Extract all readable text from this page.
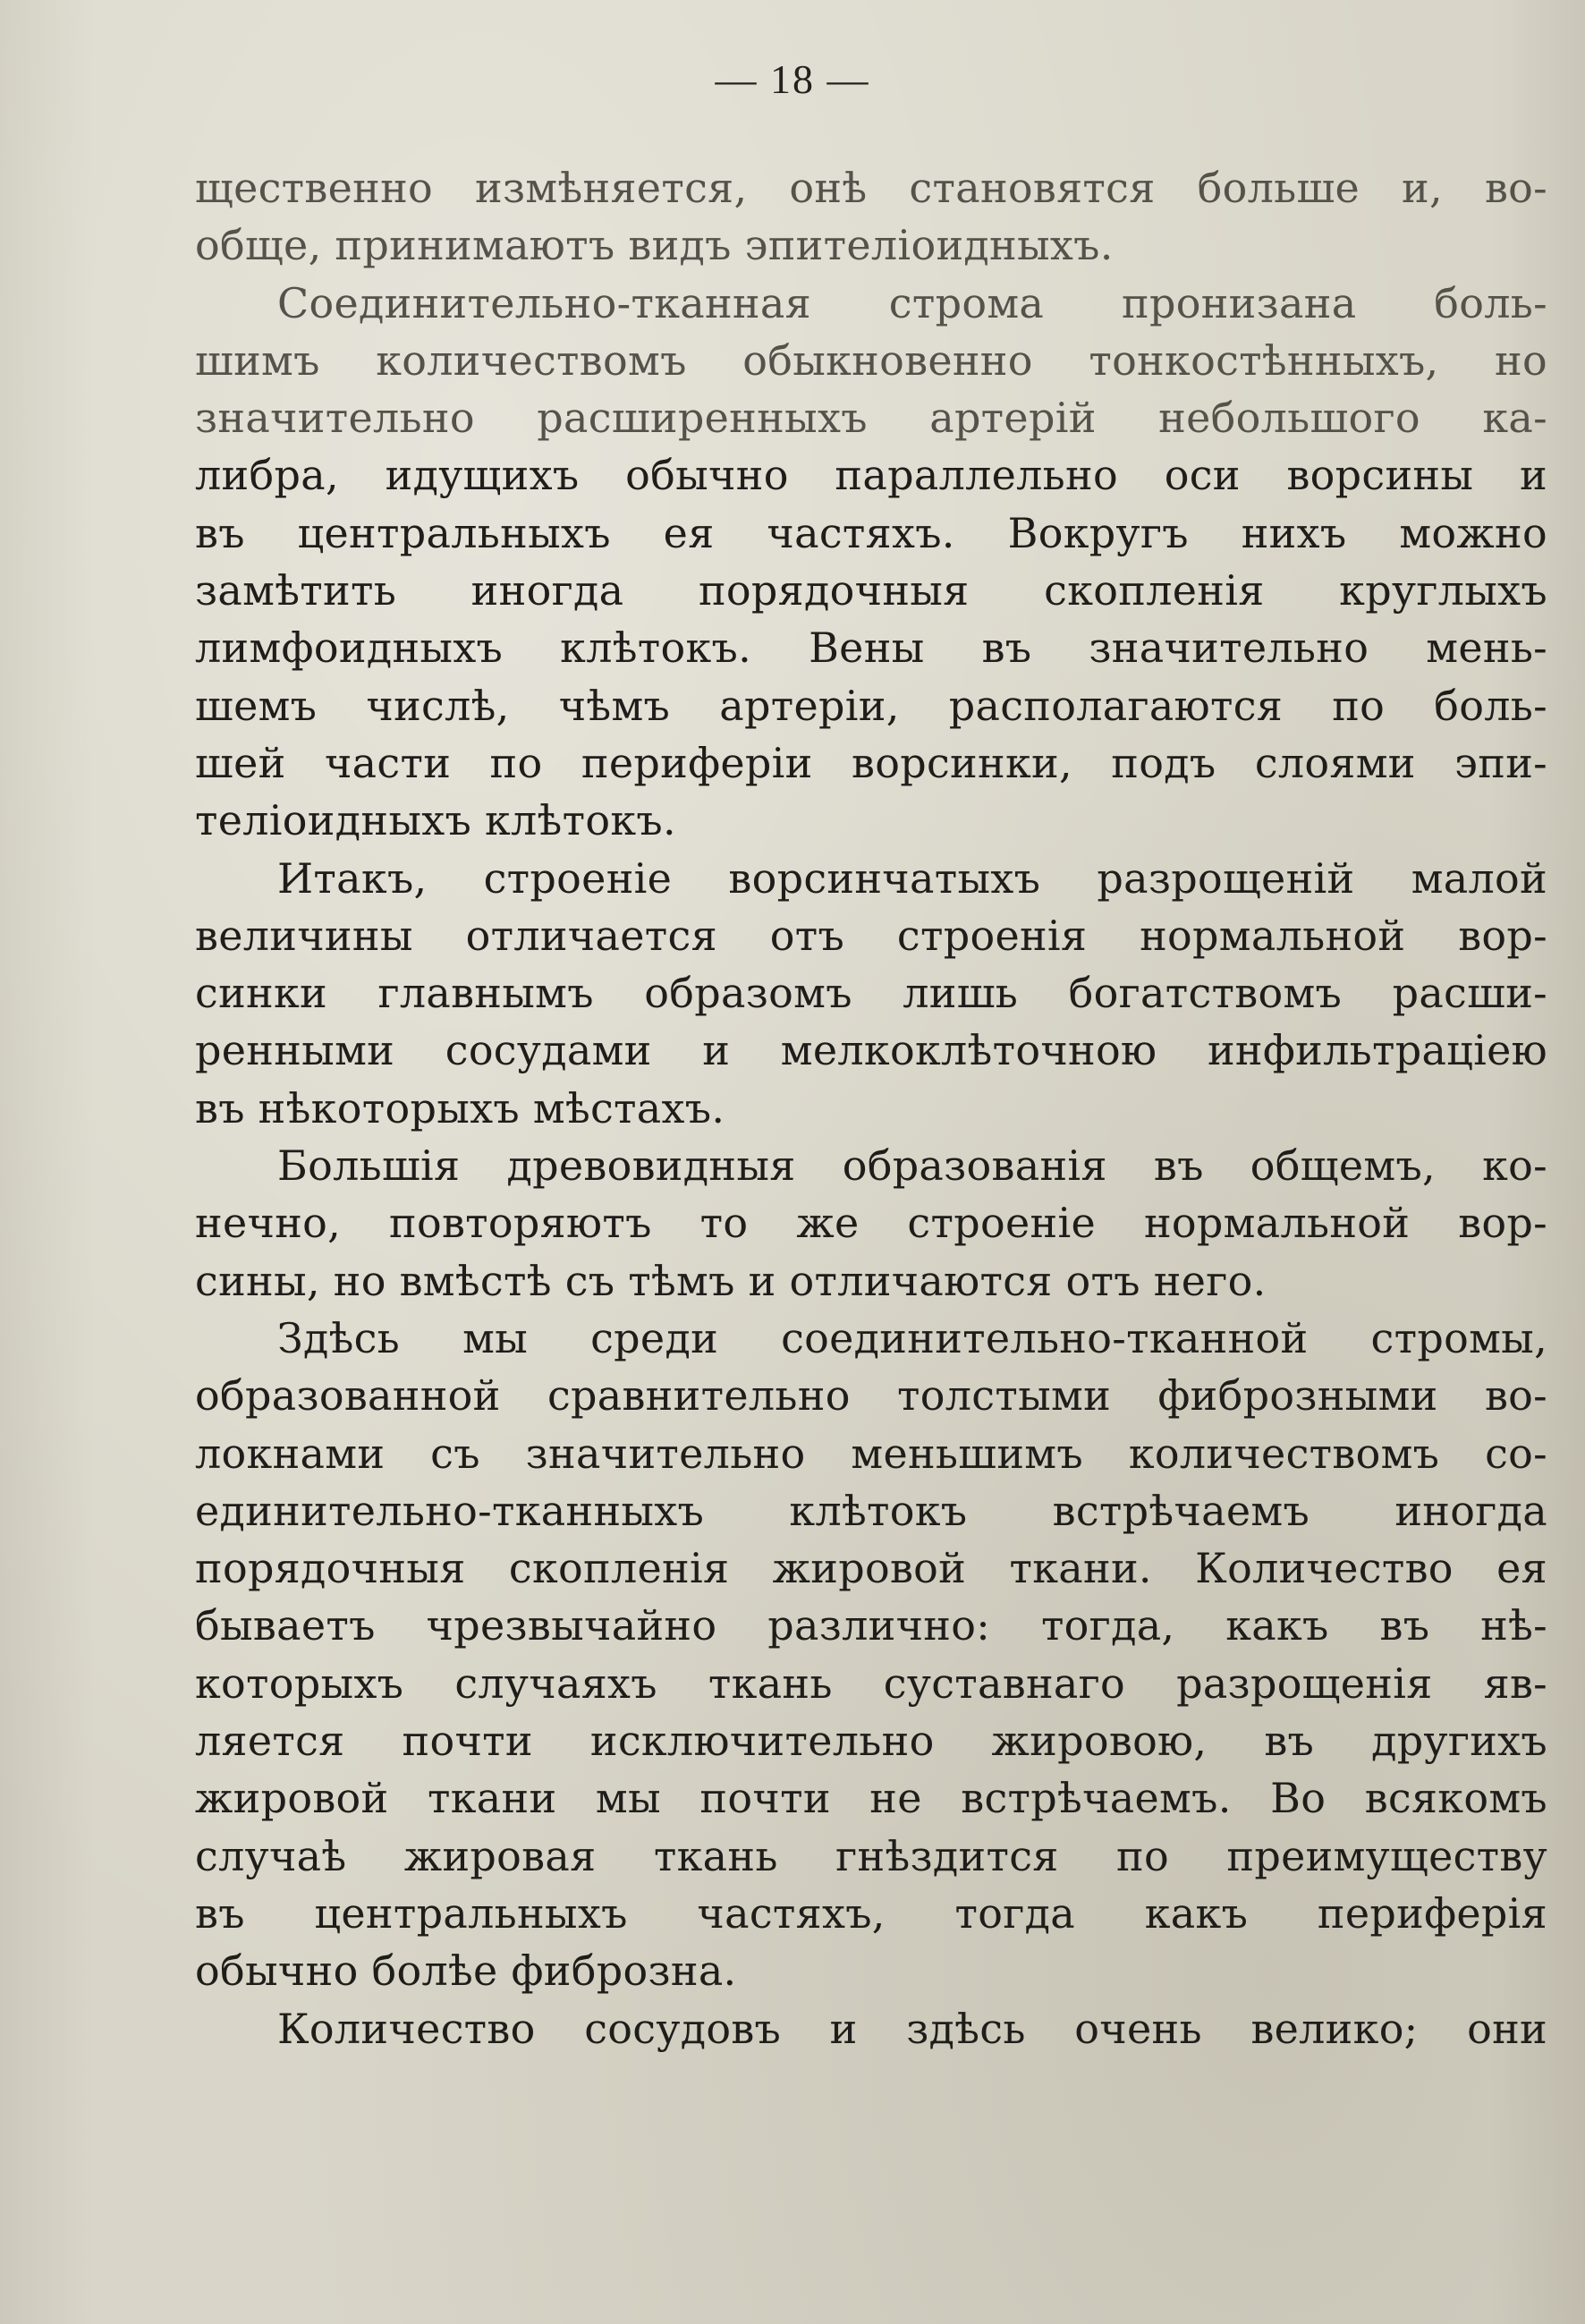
— 18 —
щественно измѣняется, онѣ становятся больше и, во-
обще, принимаютъ видъ эпителіоидныхъ.
Соединительно-тканная строма пронизана боль-
шимъ количествомъ обыкновенно тонкостѣнныхъ, но
значительно расширенныхъ артерій небольшого ка-
либра, идущихъ обычно параллельно оси ворсины и
въ центральныхъ ея частяхъ. Вокругъ нихъ можно
замѣтить иногда порядочныя скопленія круглыхъ
лимфоидныхъ клѣтокъ. Вены въ значительно мень-
шемъ числѣ, чѣмъ артеріи, располагаются по боль-
шей части по периферіи ворсинки, подъ слоями эпи-
теліоидныхъ клѣтокъ.
Итакъ, строеніе ворсинчатыхъ разрощеній малой
величины отличается отъ строенія нормальной вор-
синки главнымъ образомъ лишь богатствомъ расши-
ренными сосудами и мелкоклѣточною инфильтраціею
въ нѣкоторыхъ мѣстахъ.
Большія древовидныя образованія въ общемъ, ко-
нечно, повторяютъ то же строеніе нормальной вор-
сины, но вмѣстѣ съ тѣмъ и отличаются отъ него.
Здѣсь мы среди соединительно-тканной стромы,
образованной сравнительно толстыми фиброзными во-
локнами съ значительно меньшимъ количествомъ со-
единительно-тканныхъ клѣтокъ встрѣчаемъ иногда
порядочныя скопленія жировой ткани. Количество ея
бываетъ чрезвычайно различно: тогда, какъ въ нѣ-
которыхъ случаяхъ ткань суставнаго разрощенія яв-
ляется почти исключительно жировою, въ другихъ
жировой ткани мы почти не встрѣчаемъ. Во всякомъ
случаѣ жировая ткань гнѣздится по преимуществу
въ центральныхъ частяхъ, тогда какъ периферія
обычно болѣе фиброзна.
Количество сосудовъ и здѣсь очень велико; они
